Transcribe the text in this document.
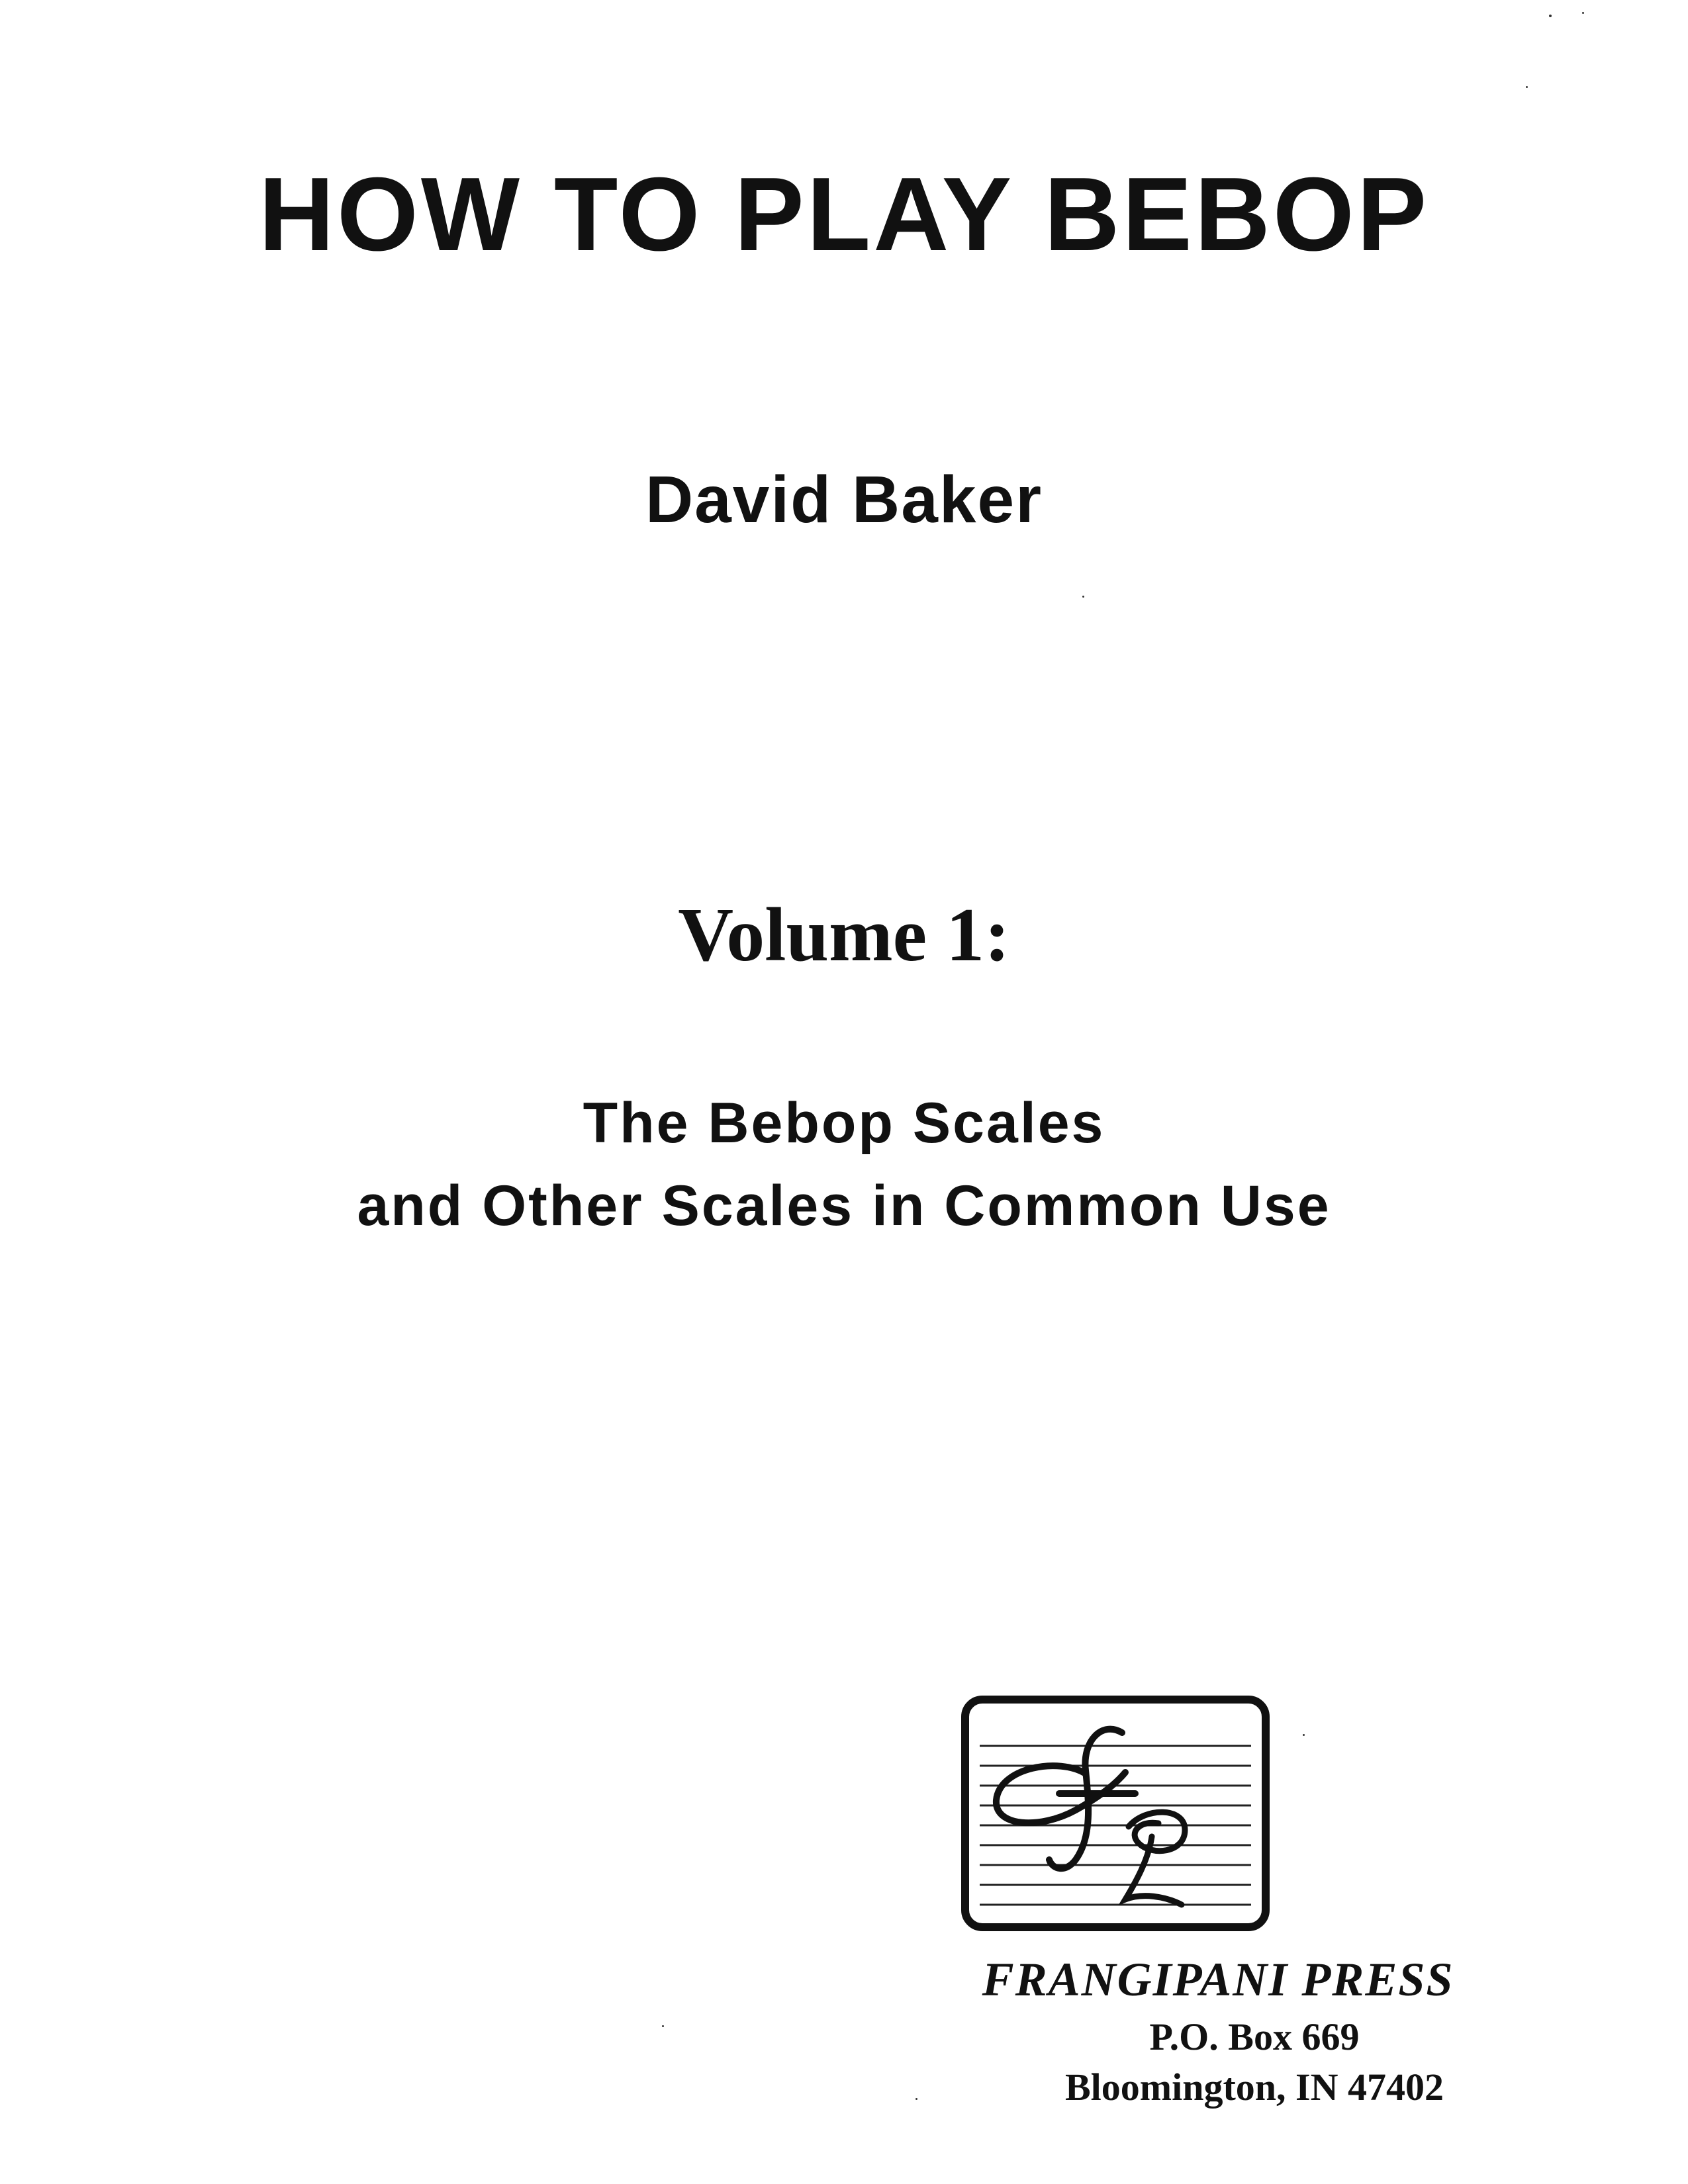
HOW TO PLAY BEBOP
David Baker
Volume 1:
The Bebop Scales
and Other Scales in Common Use
FRANGIPANI PRESS
P.O. Box 669
Bloomington, IN 47402
